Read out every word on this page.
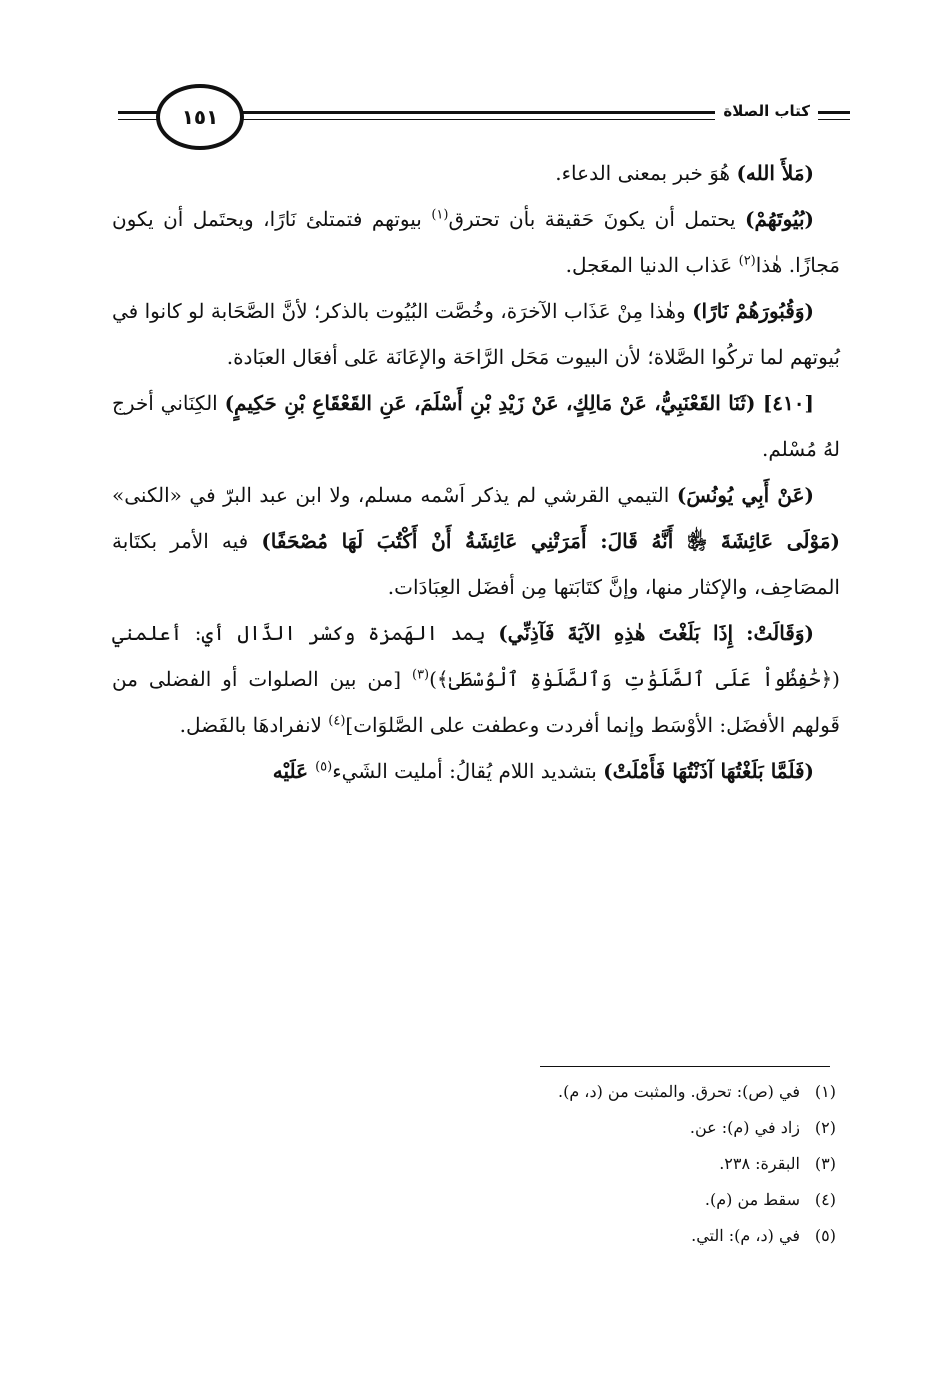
١٥١	كتاب الصلاة

(مَلأَ الله) هُوَ خبر بمعنى الدعاء.

(بُيُوتَهُمْ) يحتمل أن يكونَ حَقيقة بأن تحترق$^{(١)}$ بيوتهم فتمتلئ نَارًا، ويحتَمل أن يكون مَجازًا. هٰذا$^{(٢)}$ عَذاب الدنيا المعَجل.

(وَقُبُورَهُمْ نَارًا) وهٰذا مِنْ عَذَاب الآخرَة، وخُصَّت البُيُوت بالذكر؛ لأنَّ الصَّحَابة لو كانوا في بُيوتهم لما تركُوا الصَّلاة؛ لأن البيوت مَحَل الرَّاحَة والإعَانَة عَلى أفعَال العبَادة.

[٤١٠] (ثَنَا القَعْنَبِيُّ، عَنْ مَالِكٍ، عَنْ زَيْدِ بْنِ أَسْلَمَ، عَنِ القَعْقَاعِ بْنِ حَكِيمٍ) الكِنَاني أخرج لهُ مُسْلم.

(عَنْ أَبِي يُونُسَ) التيمي القرشي لم يذكر اَسْمه مسلم، ولا ابن عبد البرّ في «الكنى» (مَوْلَى عَائِشَةَ ﵂ أَنَّهُ قَالَ: أَمَرَتْنِي عَائِشَةُ أَنْ أَكْتُبَ لَهَا مُصْحَفًا) فيه الأمر بكتَابة المصَاحِف، والإكثار منها، وإنَّ كتَابَتها مِن أفضَل العِبَادَات.

(وَقَالَتْ: إِذَا بَلَغْتَ هٰذِهِ الآيَةَ فَآذِنِّي) بِمد الهَمزة وكسْر الذَّال أي: أعلمني (﴿حَٰفِظُواْ عَلَى ٱلصَّلَوَٰتِ وَٱلصَّلَوٰةِ ٱلْوُسْطَىٰ﴾)$^{(٣)}$ [من بين الصلوات أو الفضلى من قَولهم الأفضَل: الأوْسَط وإنما أفردت وعطفت على الصَّلوَات]$^{(٤)}$ لانفرادهَا بالفَضل.

(فَلَمَّا بَلَغْتُهَا آذَنْتُهَا فَأَمْلَتْ) بتشديد اللام يُقالُ: أمليت الشَيء$^{(٥)}$ عَلَيْه

(١)في (ص): تحرق. والمثبت من (د، م).
(٢)زاد في (م): عن.
(٣)البقرة: ٢٣٨.
(٤)سقط من (م).
(٥)في (د، م): التي.
